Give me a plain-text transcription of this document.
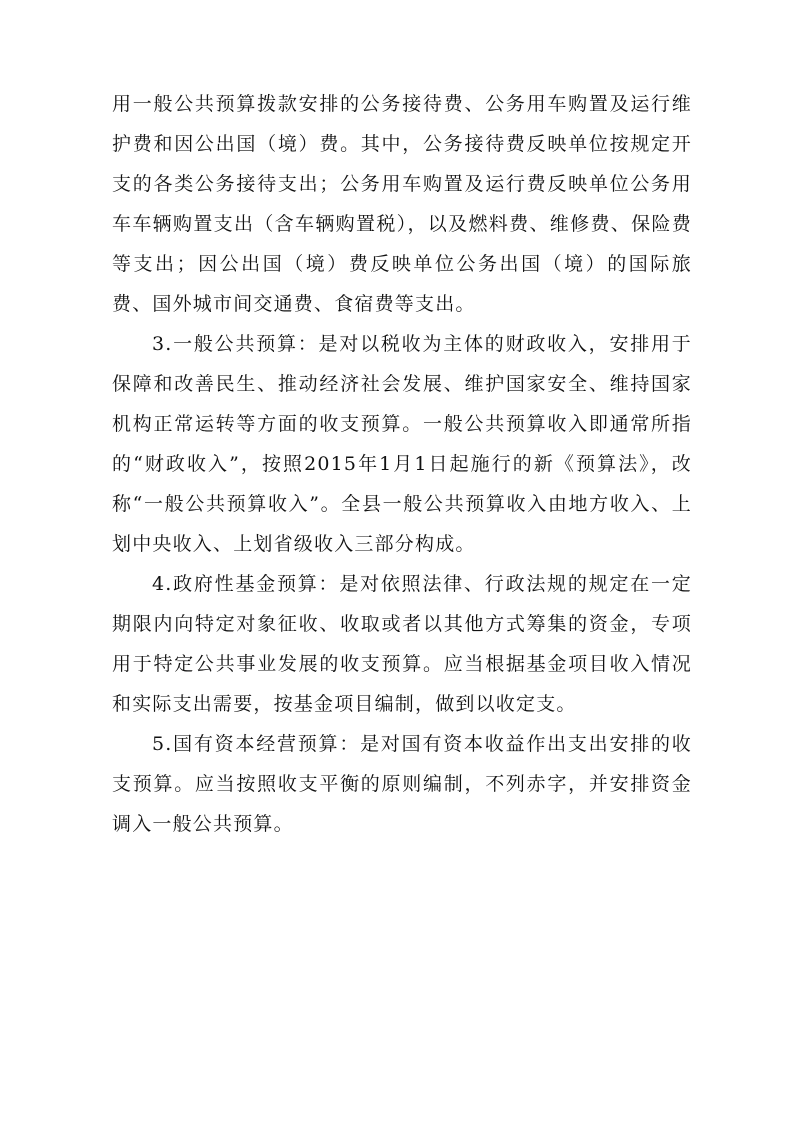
用一般公共预算拨款安排的公务接待费、公务用车购置及运行维护费和因公出国（境）费。其中，公务接待费反映单位按规定开支的各类公务接待支出；公务用车购置及运行费反映单位公务用车车辆购置支出（含车辆购置税），以及燃料费、维修费、保险费等支出；因公出国（境）费反映单位公务出国（境）的国际旅费、国外城市间交通费、食宿费等支出。

3.一般公共预算：是对以税收为主体的财政收入，安排用于保障和改善民生、推动经济社会发展、维护国家安全、维持国家机构正常运转等方面的收支预算。一般公共预算收入即通常所指的“财政收入”，按照2015年1月1日起施行的新《预算法》，改称“一般公共预算收入”。全县一般公共预算收入由地方收入、上划中央收入、上划省级收入三部分构成。

4.政府性基金预算：是对依照法律、行政法规的规定在一定期限内向特定对象征收、收取或者以其他方式筹集的资金，专项用于特定公共事业发展的收支预算。应当根据基金项目收入情况和实际支出需要，按基金项目编制，做到以收定支。

5.国有资本经营预算：是对国有资本收益作出支出安排的收支预算。应当按照收支平衡的原则编制，不列赤字，并安排资金调入一般公共预算。
